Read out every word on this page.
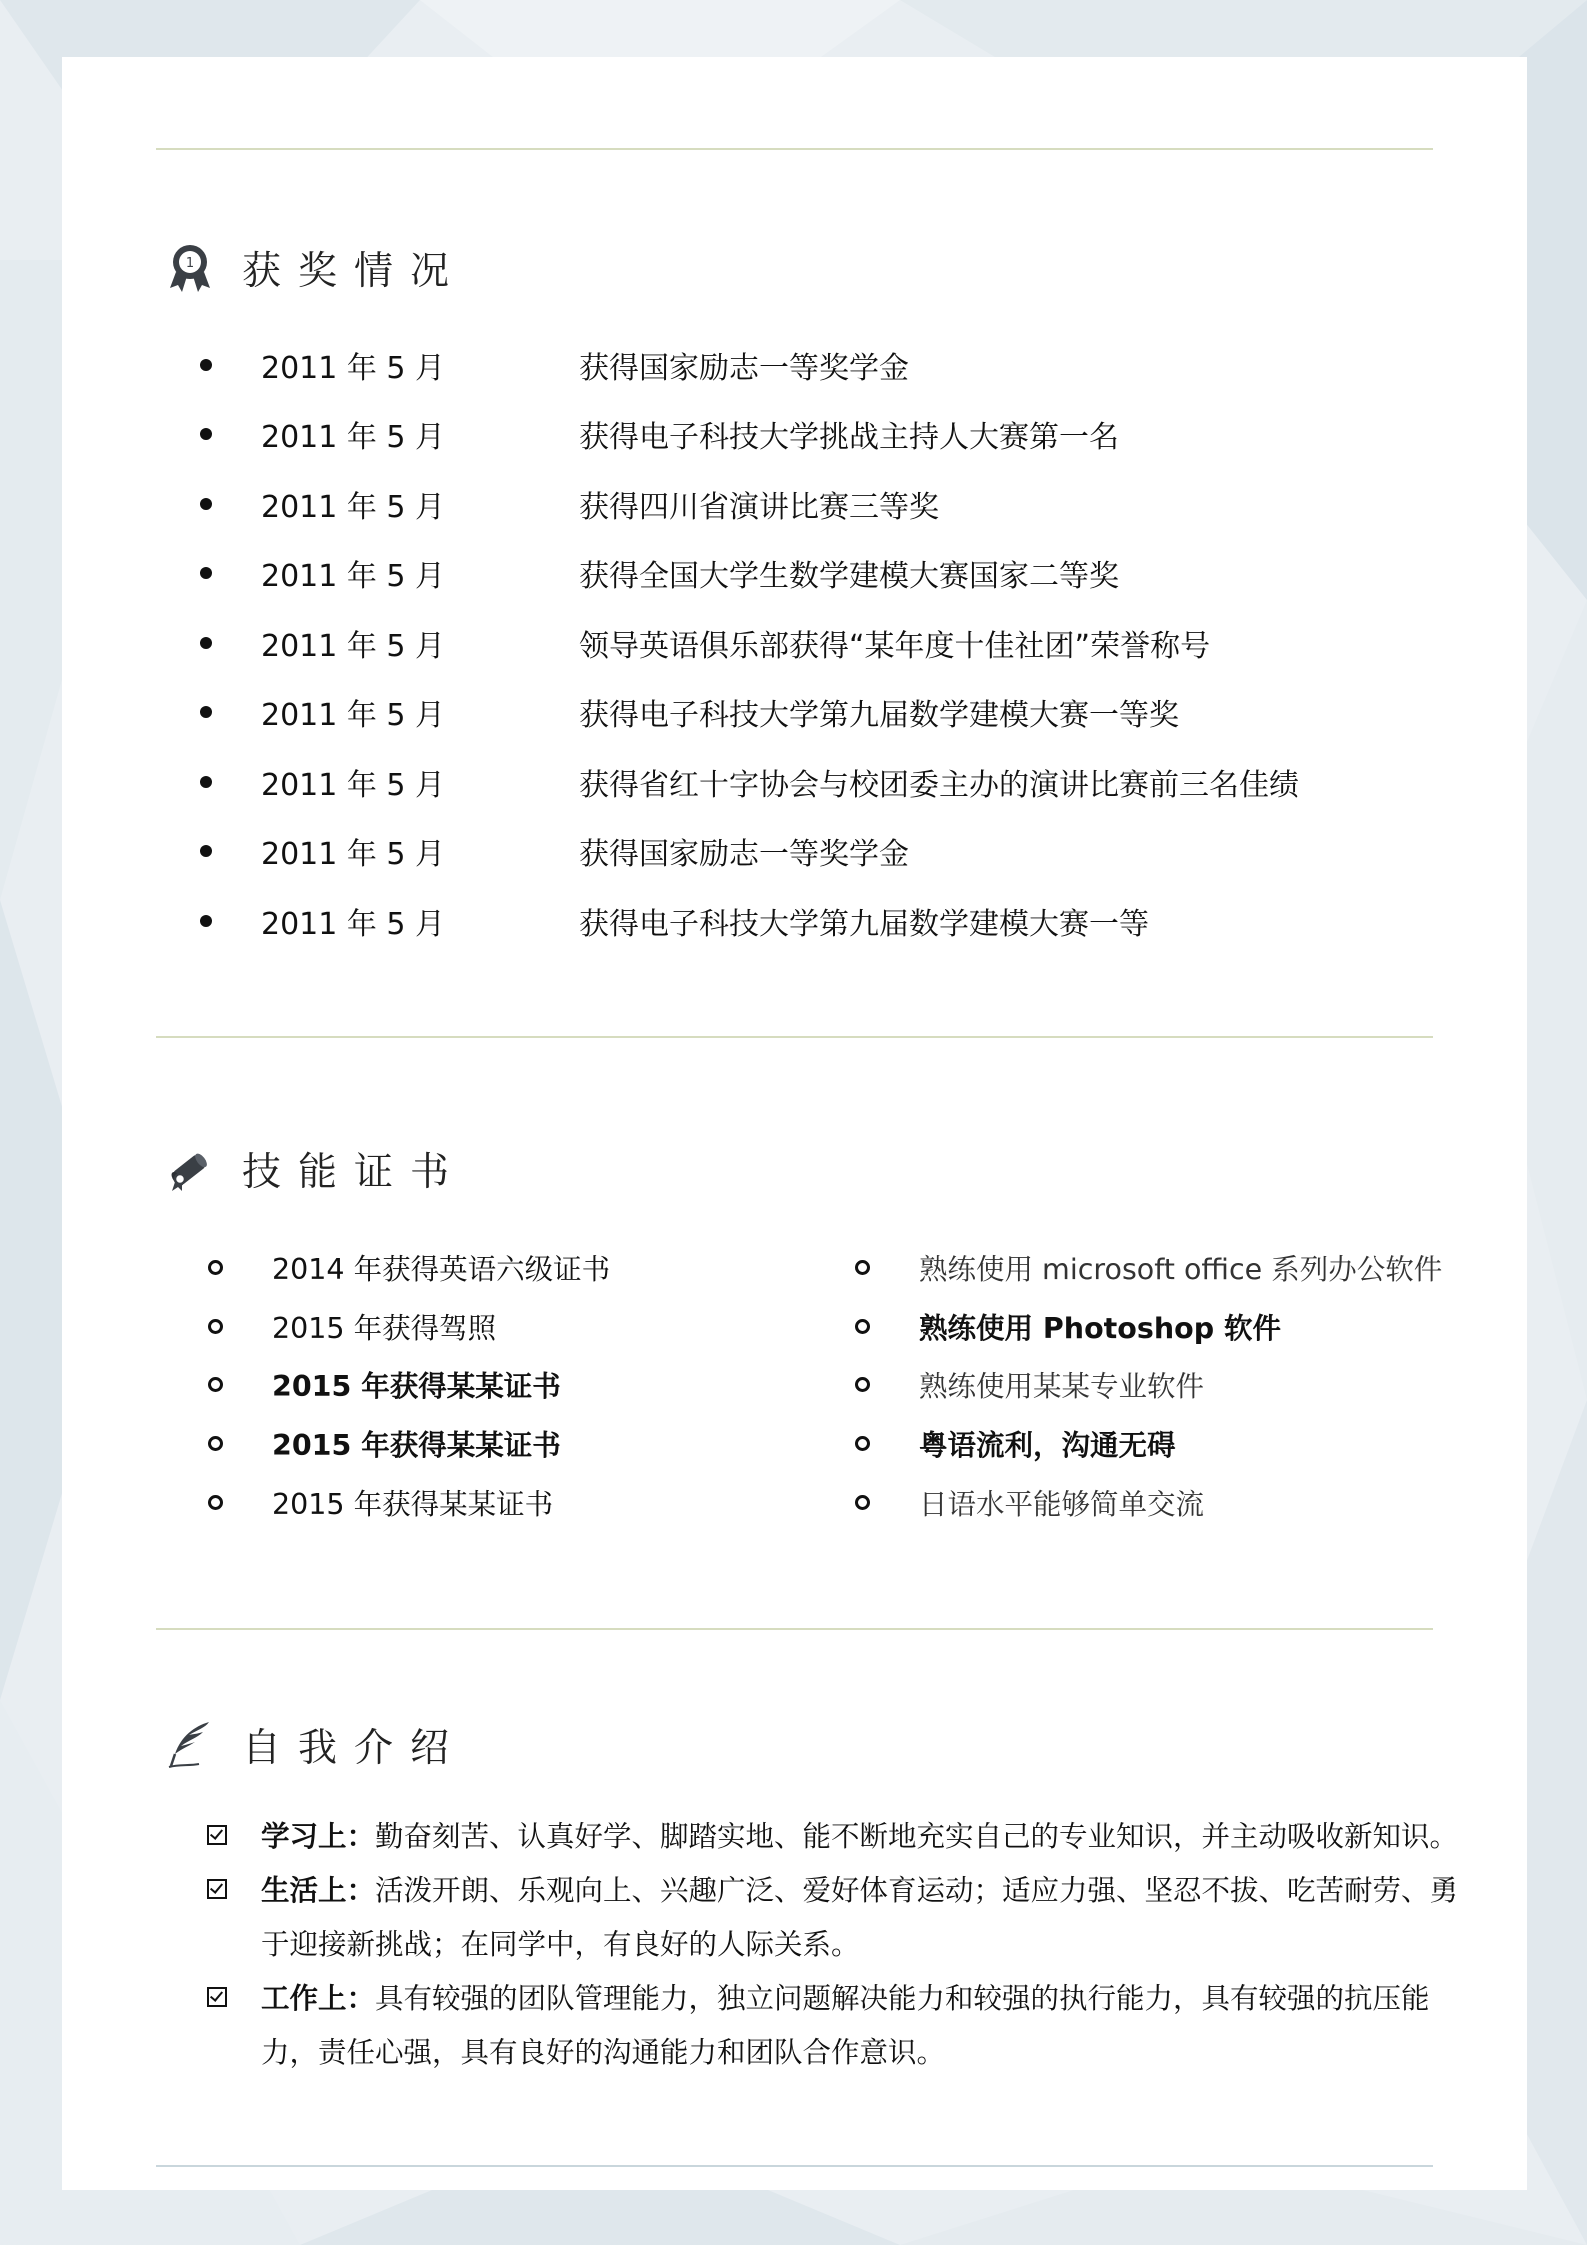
1 获奖情况
2011 年 5 月	获得国家励志一等奖学金
2011 年 5 月	获得电子科技大学挑战主持人大赛第一名
2011 年 5 月	获得四川省演讲比赛三等奖
2011 年 5 月	获得全国大学生数学建模大赛国家二等奖
2011 年 5 月	领导英语俱乐部获得“某年度十佳社团”荣誉称号
2011 年 5 月	获得电子科技大学第九届数学建模大赛一等奖
2011 年 5 月	获得省红十字协会与校团委主办的演讲比赛前三名佳绩
2011 年 5 月	获得国家励志一等奖学金
2011 年 5 月	获得电子科技大学第九届数学建模大赛一等
技能证书
2014 年获得英语六级证书
2015 年获得驾照
2015 年获得某某证书
2015 年获得某某证书
2015 年获得某某证书
熟练使用 microsoft office 系列办公软件
熟练使用 Photoshop 软件
熟练使用某某专业软件
粤语流利，沟通无碍
日语水平能够简单交流
自我介绍
学习上：勤奋刻苦、认真好学、脚踏实地、能不断地充实自己的专业知识，并主动吸收新知识。
生活上：活泼开朗、乐观向上、兴趣广泛、爱好体育运动；适应力强、坚忍不拔、吃苦耐劳、勇于迎接新挑战；在同学中，有良好的人际关系。
工作上：具有较强的团队管理能力，独立问题解决能力和较强的执行能力，具有较强的抗压能力，责任心强，具有良好的沟通能力和团队合作意识。
